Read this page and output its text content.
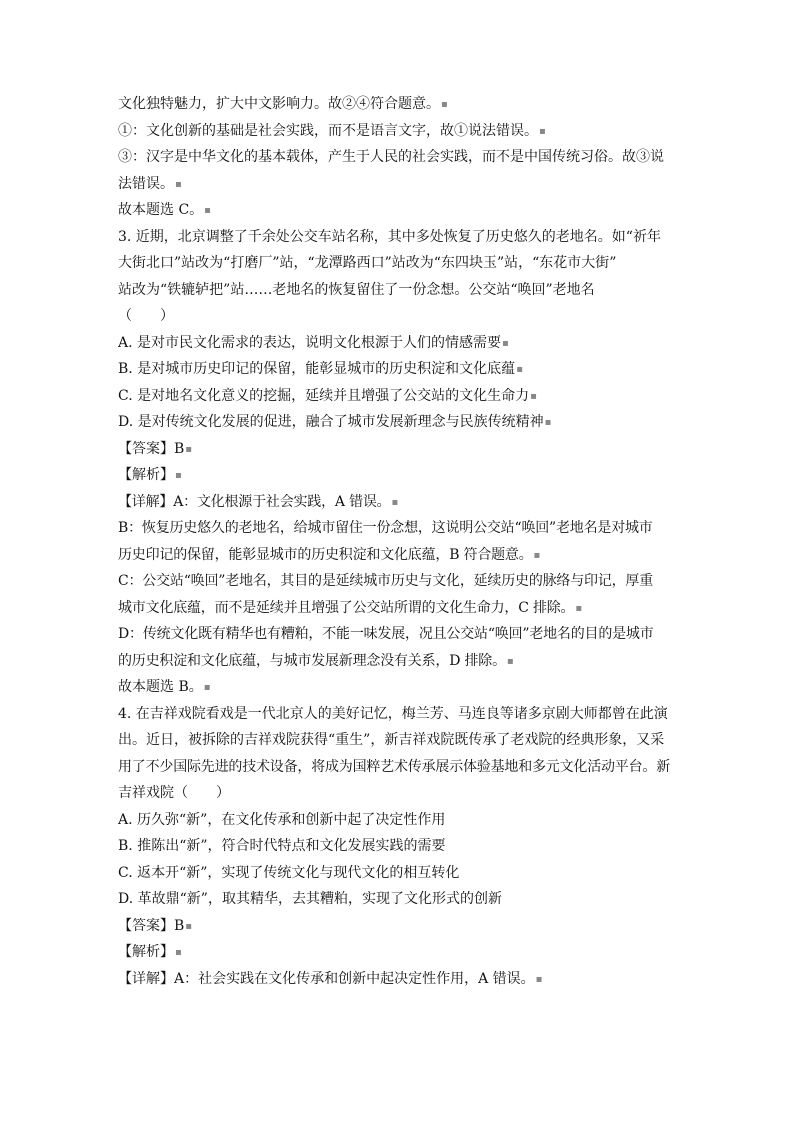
文化独特魅力，扩大中文影响力。故②④符合题意。▪
①：文化创新的基础是社会实践，而不是语言文字，故①说法错误。▪
③：汉字是中华文化的基本载体，产生于人民的社会实践，而不是中国传统习俗。故③说
法错误。▪
故本题选 C。▪
3. 近期，北京调整了千余处公交车站名称，其中多处恢复了历史悠久的老地名。如“祈年
大街北口”站改为“打磨厂”站，“龙潭路西口”站改为“东四块玉”站，“东花市大街”
站改为“铁辘轳把”站……老地名的恢复留住了一份念想。公交站“唤回”老地名
（　　）
A. 是对市民文化需求的表达，说明文化根源于人们的情感需要▪
B. 是对城市历史印记的保留，能彰显城市的历史积淀和文化底蕴▪
C. 是对地名文化意义的挖掘，延续并且增强了公交站的文化生命力▪
D. 是对传统文化发展的促进，融合了城市发展新理念与民族传统精神▪
【答案】B▪
【解析】▪
【详解】A：文化根源于社会实践，A 错误。▪
B：恢复历史悠久的老地名，给城市留住一份念想，这说明公交站“唤回”老地名是对城市
历史印记的保留，能彰显城市的历史积淀和文化底蕴，B 符合题意。▪
C：公交站“唤回”老地名，其目的是延续城市历史与文化，延续历史的脉络与印记，厚重
城市文化底蕴，而不是延续并且增强了公交站所谓的文化生命力，C 排除。▪
D：传统文化既有精华也有糟粕，不能一味发展，况且公交站“唤回”老地名的目的是城市
的历史积淀和文化底蕴，与城市发展新理念没有关系，D 排除。▪
故本题选 B。▪
4. 在吉祥戏院看戏是一代北京人的美好记忆，梅兰芳、马连良等诸多京剧大师都曾在此演
出。近日，被拆除的吉祥戏院获得“重生”，新吉祥戏院既传承了老戏院的经典形象，又采
用了不少国际先进的技术设备，将成为国粹艺术传承展示体验基地和多元文化活动平台。新
吉祥戏院（　　）
A. 历久弥“新”，在文化传承和创新中起了决定性作用
B. 推陈出“新”，符合时代特点和文化发展实践的需要
C. 返本开“新”，实现了传统文化与现代文化的相互转化
D. 革故鼎“新”，取其精华，去其糟粕，实现了文化形式的创新
【答案】B▪
【解析】▪
【详解】A：社会实践在文化传承和创新中起决定性作用，A 错误。▪
